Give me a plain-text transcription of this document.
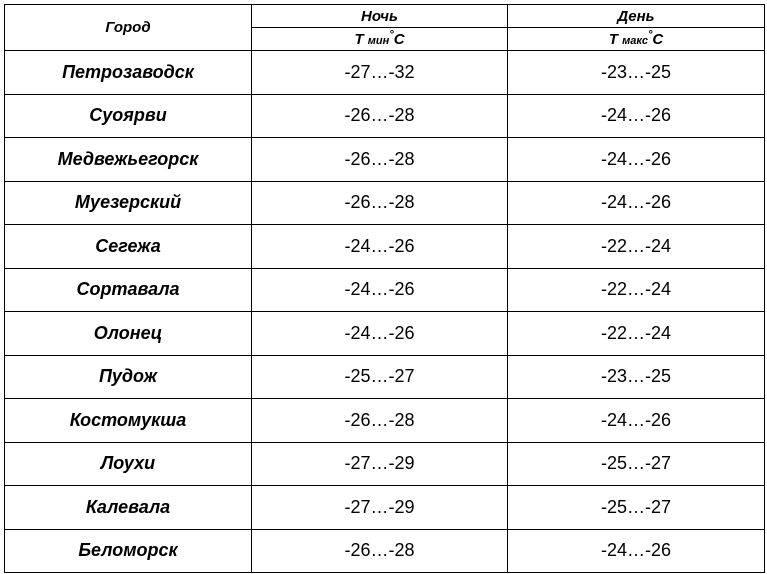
Город	Ночь	День
	Т мин°С	Т макс°С
Петрозаводск	-27…-32	-23…-25
Суоярви	-26…-28	-24…-26
Медвежьегорск	-26…-28	-24…-26
Муезерский	-26…-28	-24…-26
Сегежа	-24…-26	-22…-24
Сортавала	-24…-26	-22…-24
Олонец	-24…-26	-22…-24
Пудож	-25…-27	-23…-25
Костомукша	-26…-28	-24…-26
Лоухи	-27…-29	-25…-27
Калевала	-27…-29	-25…-27
Беломорск	-26…-28	-24…-26
